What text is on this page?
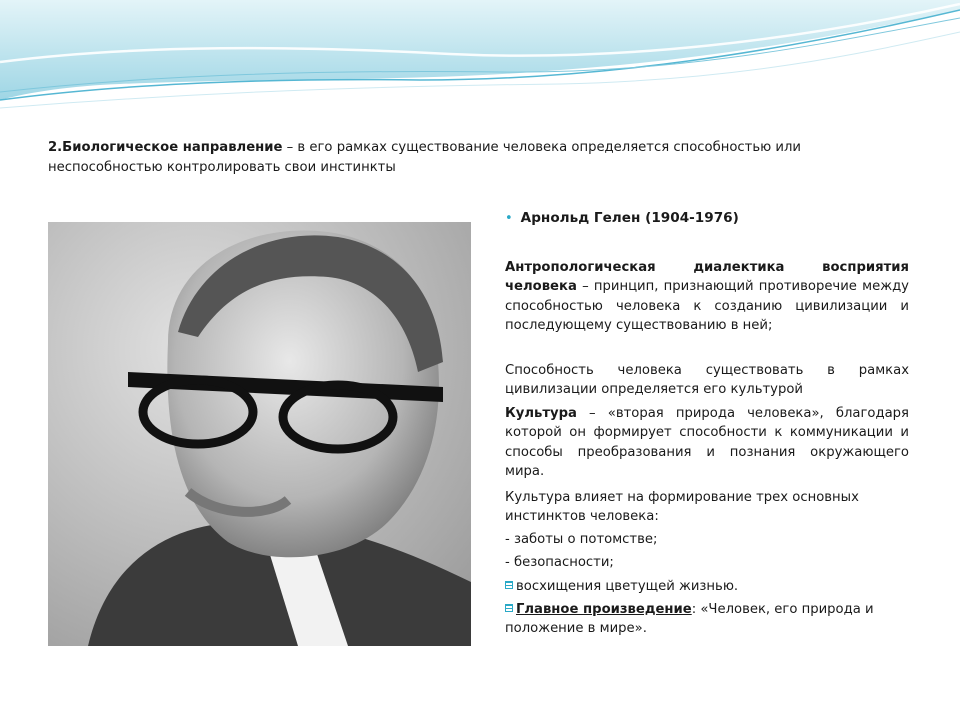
2.Биологическое направление – в его рамках существование человека определяется способностью или неспособностью контролировать свои инстинкты
• Арнольд Гелен (1904-1976)
Антропологическая диалектика восприятия человека – принцип, признающий противоречие между способностью человека к созданию цивилизации и последующему существованию в ней;
Способность человека существовать в рамках цивилизации определяется его культурой
Культура – «вторая природа человека», благодаря которой он формирует способности к коммуникации и способы преобразования и познания окружающего мира.
Культура влияет на формирование трех основных инстинктов человека:
- заботы о потомстве;
- безопасности;
восхищения цветущей жизнью.
Главное произведение: «Человек, его природа и положение в мире».
